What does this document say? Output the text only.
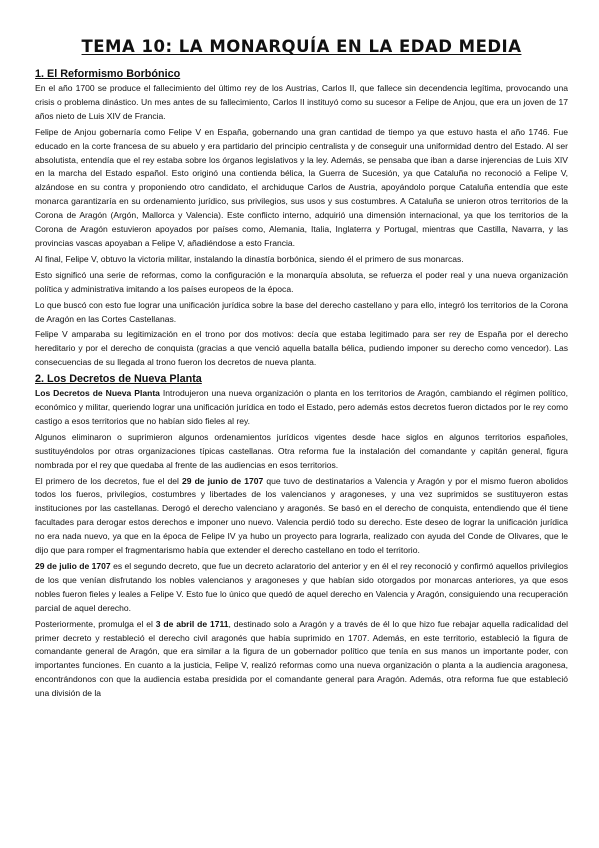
TEMA 10: LA MONARQUÍA EN LA EDAD MEDIA
1. El Reformismo Borbónico

En el año 1700 se produce el fallecimiento del último rey de los Austrias, Carlos II, que fallece sin decendencia legítima, provocando una crisis o problema dinástico. Un mes antes de su fallecimiento, Carlos II instituyó como su sucesor a Felipe de Anjou, que era un joven de 17 años nieto de Luis XIV de Francia.

Felipe de Anjou gobernaría como Felipe V en España, gobernando una gran cantidad de tiempo ya que estuvo hasta el año 1746. Fue educado en la corte francesa de su abuelo y era partidario del principio centralista y de conseguir una uniformidad dentro del Estado. Al ser absolutista, entendía que el rey estaba sobre los órganos legislativos y la ley. Además, se pensaba que iban a darse injerencias de Luis XIV en la marcha del Estado español. Esto originó una contienda bélica, la Guerra de Sucesión, ya que Cataluña no reconoció a Felipe V, alzándose en su contra y proponiendo otro candidato, el archiduque Carlos de Austria, apoyándolo porque Cataluña entendía que este monarca garantizaría en su ordenamiento jurídico, sus privilegios, sus usos y sus costumbres. A Cataluña se unieron otros territorios de la Corona de Aragón (Argón, Mallorca y Valencia). Este conflicto interno, adquirió una dimensión internacional, ya que los territorios de la Corona de Aragón estuvieron apoyados por países como, Alemania, Italia, Inglaterra y Portugal, mientras que Castilla, Navarra, y las provincias vascas apoyaban a Felipe V, añadiéndose a esto Francia.

Al final, Felipe V, obtuvo la victoria militar, instalando la dinastía borbónica, siendo él el primero de sus monarcas.

Esto significó una serie de reformas, como la configuración e la monarquía absoluta, se refuerza el poder real y una nueva organización política y administrativa imitando a los países europeos de la época.

Lo que buscó con esto fue lograr una unificación jurídica sobre la base del derecho castellano y para ello, integró los territorios de la Corona de Aragón en las Cortes Castellanas.

Felipe V amparaba su legitimización en el trono por dos motivos: decía que estaba legitimado para ser rey de España por el derecho hereditario y por el derecho de conquista (gracias a que venció aquella batalla bélica, pudiendo imponer su derecho como vencedor). Las consecuencias de su llegada al trono fueron los decretos de nueva planta.

2. Los Decretos de Nueva Planta

Los Decretos de Nueva Planta Introdujeron una nueva organización o planta en los territorios de Aragón, cambiando el régimen político, económico y militar, queriendo lograr una unificación jurídica en todo el Estado, pero además estos decretos fueron dictados por le rey como castigo a esos territorios que no habían sido fieles al rey.

Algunos eliminaron o suprimieron algunos ordenamientos jurídicos vigentes desde hace siglos en algunos territorios españoles, sustituyéndolos por otras organizaciones típicas castellanas. Otra reforma fue la instalación del comandante y capitán general, figura nombrada por el rey que quedaba al frente de las audiencias en esos territorios.

El primero de los decretos, fue el del 29 de junio de 1707 que tuvo de destinatarios a Valencia y Aragón y por el mismo fueron abolidos todos los fueros, privilegios, costumbres y libertades de los valencianos y aragoneses, y una vez suprimidos se sustituyeron estas instituciones por las castellanas. Derogó el derecho valenciano y aragonés. Se basó en el derecho de conquista, entendiendo que él tiene facultades para derogar estos derechos e imponer uno nuevo. Valencia perdió todo su derecho. Este deseo de lograr la unificación jurídica no era nada nuevo, ya que en la época de Felipe IV ya hubo un proyecto para lograrla, realizado con ayuda del Conde de Olivares, que le dijo que para romper el fragmentarismo había que extender el derecho castellano en todo el territorio.

29 de julio de 1707 es el segundo decreto, que fue un decreto aclaratorio del anterior y en él el rey reconoció y confirmó aquellos privilegios de los que venían disfrutando los nobles valencianos y aragoneses y que habían sido otorgados por monarcas anteriores, ya que esos nobles fueron fieles y leales a Felipe V. Esto fue lo único que quedó de aquel derecho en Valencia y Aragón, consiguiendo una recuperación parcial de aquel derecho.

Posteriormente, promulga el el 3 de abril de 1711, destinado solo a Aragón y a través de él lo que hizo fue rebajar aquella radicalidad del primer decreto y restableció el derecho civil aragonés que había suprimido en 1707. Además, en este territorio, estableció la figura de comandante general de Aragón, que era similar a la figura de un gobernador político que tenía en sus manos un importante poder, con importantes funciones. En cuanto a la justicia, Felipe V, realizó reformas como una nueva organización o planta a la audiencia aragonesa, encontrándonos con que la audiencia estaba presidida por el comandante general para Aragón. Además, otra reforma fue que estableció una división de la
